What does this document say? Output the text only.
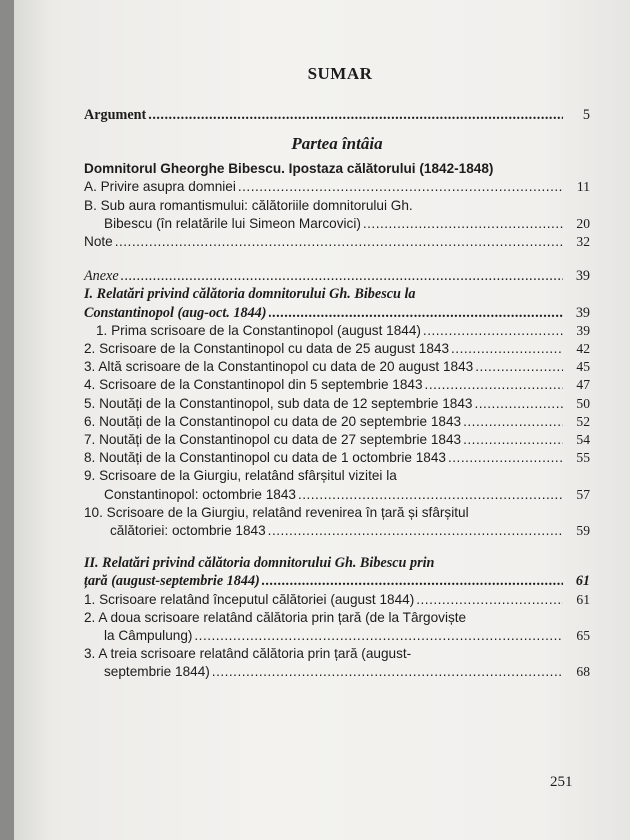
SUMAR
Argument .....	5
Partea întâia
Domnitorul Gheorghe Bibescu. Ipostaza călătorului (1842-1848)
A. Privire asupra domniei .....	11
B. Sub aura romantismului: călătoriile domnitorului Gh.
Bibescu (în relatările lui Simeon Marcovici) .....	20
Note .....	32
Anexe .....	39
I. Relatări privind călătoria domnitorului Gh. Bibescu la
Constantinopol (aug-oct. 1844) .....	39
1. Prima scrisoare de la Constantinopol (august 1844) .....	39
2. Scrisoare de la Constantinopol cu data de 25 august 1843 .....	42
3. Altă scrisoare de la Constantinopol cu data de 20 august 1843 .....	45
4. Scrisoare de la Constantinopol din 5 septembrie 1843 .....	47
5. Noutăți de la Constantinopol, sub data de 12 septembrie 1843 .....	50
6. Noutăți de la Constantinopol cu data de 20 septembrie 1843 .....	52
7. Noutăți de la Constantinopol cu data de 27 septembrie 1843 .....	54
8. Noutăți de la Constantinopol cu data de 1 octombrie 1843 .....	55
9. Scrisoare de la Giurgiu, relatând sfârșitul vizitei la
Constantinopol: octombrie 1843 .....	57
10. Scrisoare de la Giurgiu, relatând revenirea în țară și sfârșitul
călătoriei: octombrie 1843 .....	59
II. Relatări privind călătoria domnitorului Gh. Bibescu prin
țară (august-septembrie 1844) .....	61
1. Scrisoare relatând începutul călătoriei (august 1844) .....	61
2. A doua scrisoare relatând călătoria prin țară (de la Târgoviște
la Câmpulung) .....	65
3. A treia scrisoare relatând călătoria prin țară (august-
septembrie 1844) .....	68
251
